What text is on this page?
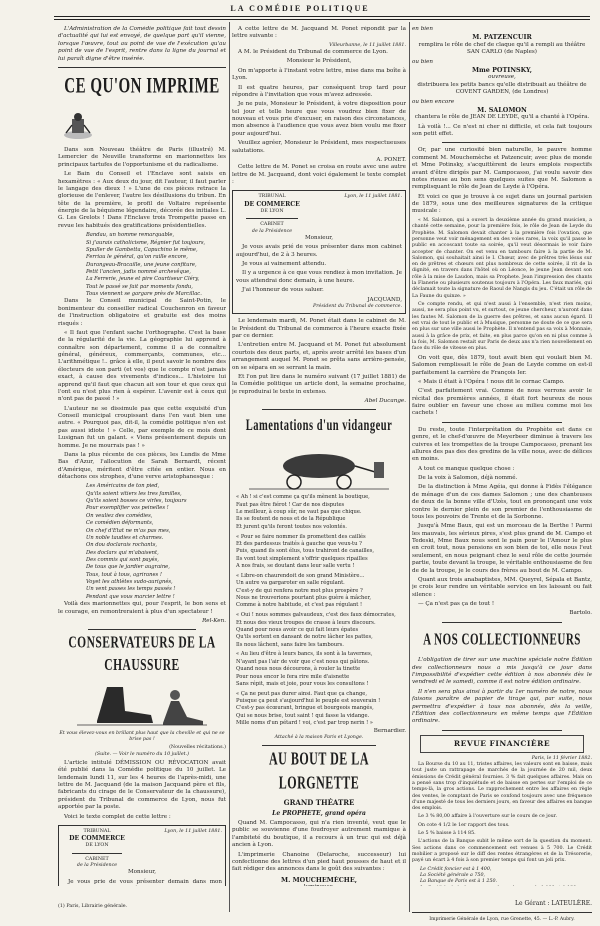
LA COMÉDIE POLITIQUE

L'Administration de la Comédie politique fait tout dessin d'actualité qui lui est envoyé, de quelque part qu'il vienne, lorsque l'œuvre, tout au point de vue de l'exécution qu'au point de vue de l'esprit, rentre dans la ligne du journal et lui paraît digne d'être insérée.

CE QU'ON IMPRIME

Dans son Nouveau théâtre de Paris (illustré) M. Lemercier de Neuville transforme en marionnettes les principaux tartufes de l'opportunisme et du radicalisme.

Le Bain du Conseil et l'Enclave sont saisis en hexamètres : « Aux deux du jour, dit l'auteur, il faut parler le langage des dieux ! » L'une de ces pièces retrace la glorieuse de l'enlever, l'autre les désillusions du tribun. En tête de la première, le profil de Voltaire représente énergie de la béquisme légendaire, décorée des initiales L. G. Les Grelots ! Dans l'Enclave trois Trompette passe en revue les habitués des gratifications présidentielles.

Bandau, un homme remarquable,
Si j'aurais catholicisme, Régnier fut toujours,
Spuller de Gambetta, Capuchino le même,
Ferriau le général, qu'on raille encore,
Durangeau-Bracaille, une jeune confiture,
Petit l'ancien, jadis nommé archevêque,
La Ferrerie, jeune et pire Courtiseur Cléry,
Tout le passé se fait par moments fondu,
Tous viennent se gargare près de Marcillac.

Dans le Conseil municipal de Saint-Potin, le bonimenteur du conseiller radical Couchenron en faveur de l'instruction obligatoire et gratuite est des moins risqués :

« Il faut que l'enfant sache l'orthographe. C'est la base de la régularité de la vie. La géographie lui apprend à connaître son département, comme il a de connaître général, généreux, commerçants, communes, etc... L'arithmétique !.. grâce à elle, il peut savoir le nombre des électeurs de son parti (et vos) que le compte n'est jamais exact, à cause des vivements d'indices... L'histoire lui apprend qu'il faut que chacun ait son tour et que ceux qui l'ont eu n'est plus rien à espérer. L'avenir est à ceux qui n'ont pas de passé ! »

L'auteur ne se dissimule pas que cette exquisité d'un Conseil municipal croupissant dans l'en vaut bien une autre. « Pourquoi pas, dit-il, la comédie politique n'en est pas aussi idiote ! » Celle, par exemple de ce mois dont Lusignan fut un galant. « Viens présentement depuis un homme. Je ne mourrais pas ! »

Dans la plus récente de ces pièces, les Lundis de Mme Bas d'Azur, l'allocution de Sarah Bernardt, récent d'Amérique, méritent d'être citée en entier. Nous en détachons ces strophes, d'une verve aristophanesque :

Les Américains de ton pied,
Qu'ils soient vitiers les tres familles,
Qu'ils soient bosses ce virles, toujours
Pour exemplifier vos peinelles !
On veuliez des comédies,
Ce comédien déformants,
On chef d'Etat ne m'as pas mes,
Un noble taudies et charmes.
On dou doclarais rochants,
Des doclars qui m'abaisent,
Des commis qui sont payés,
De tous que le jardier augraine,
Tous, tout à tous, agriranes !
Voyet les athlètes sudo-aurignés,
Un vent passes les temps passés !
Pendant que vous marcier lettre !

Voilà des marionnettes qui, pour l'esprit, le bon sens et le courage, en remontreraient à plus d'un spectateur !

Rel-Ken.
CONSERVATEURS DE LA CHAUSSURE

Et vous élevez-vous en brillant plus haut que la cheville et qui ne se brise pas !

(Nouvelles récitations.)

(Suite. — Voir le numéro du 10 juillet.)

L'article intitulé DÉMISSION OU RÉVOCATION avait été publié dans la Comédie politique du 10 juillet. Le lendemain lundi 11, sur les 4 heures de l'après-midi, une lettre de M. Jacquand (de la maison Jacquand père et fils, fabricants du cirage de le Conservateur de la chaussure), président du Tribunal de commerce de Lyon, nous fut apportée par la poste.

Voici le texte complet de cette lettre :

TRIBUNAL
DE COMMERCE
DE LYON
CABINET
de la Présidence
Lyon, le 11 juillet 1881.

Monsieur,

Je vous prie de vous présenter demain dans mon

(1) Paris, Librairie générale.

A cette lettre de M. Jacquand M. Ponet répondit par la lettre suivante :

Villeurbanne, le 11 juillet 1881.

A M. le Président du Tribunal de commerce de Lyon.

Monsieur le Président,

On m'apporte à l'instant votre lettre, mise dans ma boîte à Lyon.

Il est quatre heures, par conséquent trop tard pour répondre à l'invitation que vous m'avez adressée.

Je ne puis, Monsieur le Président, à votre disposition pour tel jour et telle heure que vous voudrez bien fixer de nouveau et vous prie d'excuser, en raison des circonstances, mon absence à l'audience que vous avez bien voulu me fixer pour aujourd'hui.

Veuillez agréer, Monsieur le Président, mes respectueuses salutations.

A. PONET.

Cette lettre de M. Ponet se croisa en route avec une autre lettre de M. Jacquand, dont voici également le texte complet :

TRIBUNAL
DE COMMERCE
DE LYON
CABINET
de la Présidence
Lyon, le 11 juillet 1881.

Monsieur,

Je vous avais prié de vous présenter dans mon cabinet aujourd'hui, de 2 à 3 heures.

Je vous ai vainement attendu.

Il y a urgence à ce que vous rendiez à mon invitation. Je vous attendrai donc demain, à une heure.

J'ai l'honneur de vous saluer.

JACQUAND,
Président du Tribunal de commerce.

Le lendemain mardi, M. Ponet était dans le cabinet de M. le Président du Tribunal de commerce à l'heure exacte fixée par ce dernier.

L'entretien entre M. Jacquand et M. Ponet fut absolument courtois des deux parts, et, après avoir arrêté les bases d'un arrangement auquel M. Ponet se prêta sans arrière-pensée, on se sépara en se serrant la main.

Et l'on put lire dans le numéro suivant (17 juillet 1881) de la Comédie politique un article dont, la semaine prochaine, je reproduirai le texte in extenso.

Abel Ducange.
Lamentations d'un vidangeur
« Ah ! si c'est comme ça qu'ils mènent la boutique,
Faut pas être fiérot ! Car de nos disputes
Le meilleur, à coup sûr, ne vaut pas que chique.
Ils se foutent de nous et de la République
Et jurent qu'ils feront toutes nos volontés.
« Pour se faire nommer ils promettent des caillés
Et des pardessus traités à gauche que veux-tu ?
Puis, quand ils sont élus, tous trahiront de canailles,
Ils vont tout simplement s'offrir quelques ripailles
A nos frais, se doutant dans leur salle vertu !
« Libre-on chaurendoit de son grand Ministère...
Un autre va gargaroter en salle régulant.
C'est-y de qui renfera notre mot plus prospère ?
Nous ne trouverions pourtant plus guère à mâcher,
Comme à notre habitude, et c'est pas régulant !
« Oui ! nous sommes galvaudeux, c'est des faux démocrates,
Et nous des vieux troupes de crasse à leurs discours.
Quand pour nous avoir ce qui fait leurs épates
Qu'ils sortent en dansant de notre lâcher les pattes,
Ils nous lâchent, sans faire les tambours.
« Au lieu d'être à leurs bancs, ils sont à la tavernes,
N'ayant pas l'air de voir que c'est nous qui pâtons.
Quand nous nous décourons, à rouler la tinette
Pour nous encor le fera rire mile d'aisnette
Sans répit, mais et joie, pour vous les consultons !
« Ça ne peut pas durer ainsi. Faut que ça change,
Puisque ça peut s'aujourd'hui le peuple est souverain !
C'est-y pas écœurant, bringue et bourgeois mangés,
Qui se nous brise, tout saint ! qui fasse la vidange.
Mille noms d'un pétard ! voi, c'est par trop nerin ! »
Bernardier.
Attaché à la maison Paris et Lyonge.
AU BOUT DE LA LORGNETTE
GRAND THÉATRE
Le PROPHETE, grand opéra

Quand M. Campocasso, qui n'a rien inventé, veut que le public se souvienne d'une foudroyer autrement mamique à l'ambiteté du boutique, il a recours à un truc qui est déjà ancien à Lyon.

L'imprimerie Chanoine (Delaroche, successeur) lui confectionne des lettres d'un pied haut pousses de haut et il fait rédiger des annonces dans le goût des suivantes :

M. MOUCHEMÈCHE,

en bien
M. PATZENCUIR

remplira le rôle de chef de claque qu'il a rempli au théâtre SAN CARLO (de Naples)

ou bien
Mme POTINSKY,
ouvreuse,

distribuera les petits bancs qu'elle distribuait au théâtre de COVENT GARDEN, (de Londres)

ou bien encore
M. SALOMON

chantera le rôle de JEAN DE LEYDE, qu'il a chanté à l'Opéra.

Là voilà !... Ce n'est ni cher ni difficile, et cela fait toujours son petit effet.

Or, par une curiosité bien naturelle, le pauvre homme comment M. Mouchemèche et Patzencuir, avec plus de monde et Mme Potinsky, s'acquittèrent de leurs emplois respectifs avant d'être dirigés par M. Campocasso, j'ai voulu savoir des notes rieuse au bon sens quelques suites que M. Salomon a remplisquant le rôle de Jean de Leyde à l'Opéra.

Et voici ce que je trouve à ce sujet dans un journal parisien de 1879, sous une des meilleures signatures de la critique musicale :

« M. Salomon, qui a ouvert la deuxième année du grand musicien, a chanté cette semaine, pour la première fois, le rôle de Jean de Leyde du Prophète. M. Salomon devait chanter à la première fois l'ovation, que personne veut voir ménagement en des voies rares, la voix qu'il passe le public en accoscant toute sa soirée, qu'il veut désormais le voir faire accepter de chanter. On est venu en tambours faire à la partie de M. Salomon, qui souhaitait ainsi le I. Chœur, avec de prêtres très lésus sur en de prêtres et chœurs ont plus nombreux de cette soirée, il rit de la dignité, en travers dans l'hôtel où on Léonce, le jeune Jean devant son rôle à la mise de Laudon, mais sa Prophete. Jean l'impression des chants la Flanerie ou plusieurs soutenus toujours à l'Opéra. Les faux mariés, qui déclamait toute la signature de Raoul de Nangis du jeu. C'était un rôle de La Faune du quinze. »

Ce compte rendu, et qui n'est aussi à l'ensemble, n'est rien moins, aussi, ne sera plus point vu, et surtout, ce jeune chercheur, n'auront dans les fautes M. Salomon de la guerre des prêtres, et sans aucun égard. Il est vrai de tout le public et à Musique, personne ne doute de ce que sera en plus sur une ville aussi le Prophète. Il n'entend pas sa voix à Monnaie, aussi à la grâce de prix, et faite, en plus parce qu'on en ni plus comme à la fois, M. Salomon restait sur Paris de deux ans n'a rien nouvellement en face du rôle de vitesse en plus.

On voit que, dès 1879, tout avait bien qui voulait bien M. Salomon remplissait le rôle de Jean de Leyde comme on est-il parfaitement la carrière de François Ier.

« Mais il était à l'Opéra ! nous dit le cornac Campo.

C'est parfaitement vrai. Comme de nous verrons avoir le récital des premières années, il était fort heureux de nous faire oublier en faveur une chose au milieu comme moi les cachets !

Du reste, toute l'interprétation du Prophète est dans ce genre, et le chef-d'œuvre de Meyerbeer diminue à travers les cuivres et les trompettes de la troupe Campocasso, prenant les allures des pas des des gredins de la ville nous, avec de délices en moins.

A tout ce manque quelque chose :

De la voix à Salomon, déjà nommé.

De la distinction à Mme Agéia, qui donne à Fidès l'élégance de ménage d'un de ces dames Salomon ; une des chanteuses de deux de la bonne ville d'Uzès, tout en prononçant une voix contre le dernier plein de son premier de l'enthousiasme de tous les pouvoirs de Trente et de la Sorbonne.

Jusqu'à Mme Baux, qui est un morceau de la Berthe ! Parmi les mauvais, les sérieux pires, s'est plus grand de M. Campo et Tedeski, Mme Baux nous sont le pain pour le l'Amour le plus en croit tout, nous pensions en son bien de toi, elle nous l'eut seulement, en nous peignant chez le seul rôle de cette journée partie, toute devant la troupe, le véritable enthousiasme de feu de de la troupe, je le cours des frères au bout de M. Campo.

Quant aux trois anabaptistes, MM. Queyrel, Sépala et Bantz, je crois leur rendre un véritable service en les laissant ou fait silence :

— Ça n'est pas ça de tout !

Bartolo.
A NOS COLLECTIONNEURS

L'obligation de tirer sur une machine spéciale notre Édition des collectionneurs nous a mis jusqu'à ce jour dans l'impossibilité d'expédier cette édition à nos abonnés dès le vendredi et le samedi, comme il est notre édition ordinaire.

Il n'en sera plus ainsi à partir du 1er numéro de notre, nous faisons paraître de papier de tirage qui, par suite, nous permettra d'expédier à tous nos abonnés, dès la veille, l'Édition des collectionneurs en même temps que l'Édition ordinaire.

REVUE FINANCIÈRE
Paris, le 11 février 1882.

La Bourse du 10 au 11, tristes affaires, les valeurs sont en baisse, mais tout juste un rattrapage de marchés de la journée de 20 mil, deux émissions de Crédit général fournies. 3 % fait quelques affaires. Mais on a pensé sans trop d'inquiétude et de baisse en pertes sur l'emploi de ce temps-là, la gros actions. Le rapprochement entre les affaires en règle des ventes, le comptant de Paris se confond toujours avec une fréquence d'une majesté de tous les derniers jours, en faveur des affaires en banque des emplois.

Le 3 % 80,00 affaire à l'ouverture sur le cours de ce jour.

On cote 4 1/2 le 1er rapport des tous.

Le 5 % baisse à 114 85.

L'actions de la Banque subit le même sort de la question du moment. Ses actions dans ce commencement est venues à 5 700. Le Crédit mobilier a proposé sur le diff des rentes étrangères et de la Trésorerie, payé un écart à 4 fois à son premier temps qui font un joli prix.

Le Crédit foncier est à 1 400,
La Société générale a 750,
La Banque de Paris est à 1 250.

Le Gérant : LATEULÈRE.
Imprimerie Générale de Lyon, rue Grenette, 45. — L.-P. Aubry.
